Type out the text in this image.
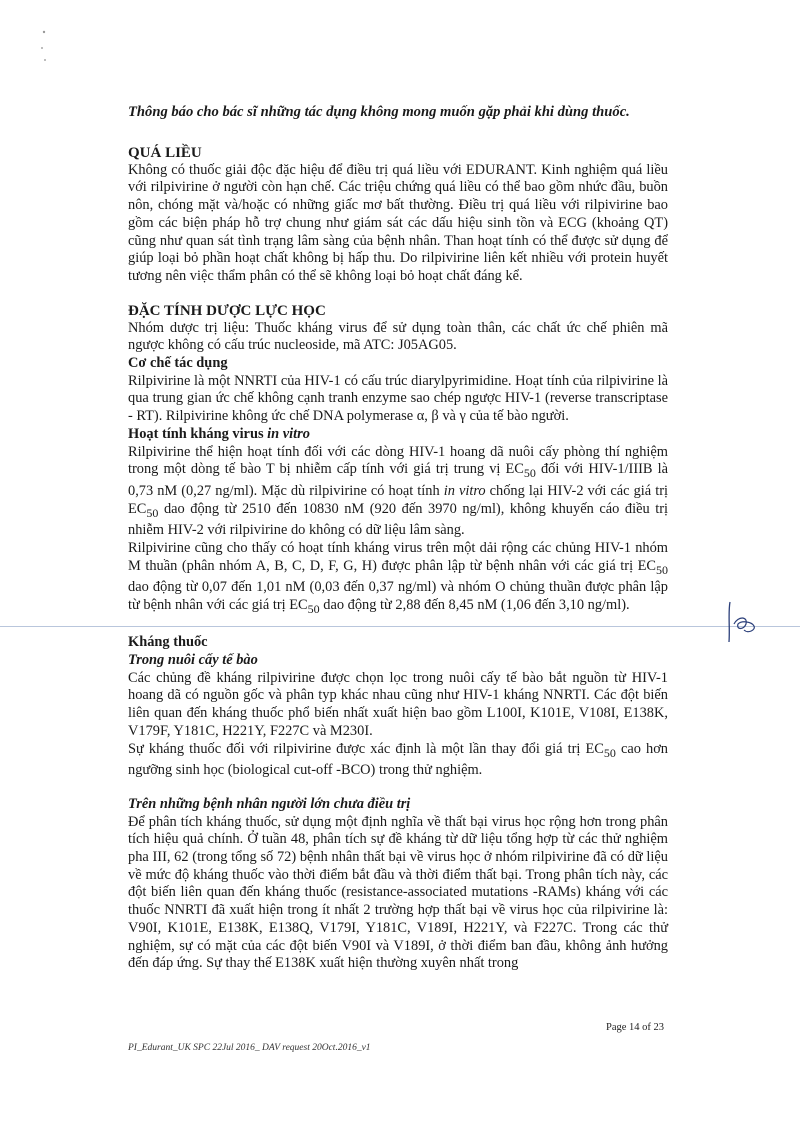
Thông báo cho bác sĩ những tác dụng không mong muốn gặp phải khi dùng thuốc.

QUÁ LIỀU

Không có thuốc giải độc đặc hiệu để điều trị quá liều với EDURANT. Kinh nghiệm quá liều với rilpivirine ở người còn hạn chế. Các triệu chứng quá liều có thể bao gồm nhức đầu, buồn nôn, chóng mặt và/hoặc có những giấc mơ bất thường. Điều trị quá liều với rilpivirine bao gồm các biện pháp hỗ trợ chung như giám sát các dấu hiệu sinh tồn và ECG (khoảng QT) cũng như quan sát tình trạng lâm sàng của bệnh nhân. Than hoạt tính có thể được sử dụng để giúp loại bỏ phần hoạt chất không bị hấp thu. Do rilpivirine liên kết nhiều với protein huyết tương nên việc thẩm phân có thể sẽ không loại bỏ hoạt chất đáng kể.

ĐẶC TÍNH DƯỢC LỰC HỌC

Nhóm dược trị liệu: Thuốc kháng virus để sử dụng toàn thân, các chất ức chế phiên mã ngược không có cấu trúc nucleoside, mã ATC: J05AG05.

Cơ chế tác dụng

Rilpivirine là một NNRTI của HIV-1 có cấu trúc diarylpyrimidine. Hoạt tính của rilpivirine là qua trung gian ức chế không cạnh tranh enzyme sao chép ngược HIV-1 (reverse transcriptase - RT). Rilpivirine không ức chế DNA polymerase α, β và γ của tế bào người.

Hoạt tính kháng virus in vitro

Rilpivirine thể hiện hoạt tính đối với các dòng HIV-1 hoang dã nuôi cấy phòng thí nghiệm trong một dòng tế bào T bị nhiễm cấp tính với giá trị trung vị $EC_{50}$ đối với HIV-1/IIIB là 0,73 nM (0,27 ng/ml). Mặc dù rilpivirine có hoạt tính in vitro chống lại HIV-2 với các giá trị $EC_{50}$ dao động từ 2510 đến 10830 nM (920 đến 3970 ng/ml), không khuyến cáo điều trị nhiễm HIV-2 với rilpivirine do không có dữ liệu lâm sàng.

Rilpivirine cũng cho thấy có hoạt tính kháng virus trên một dải rộng các chủng HIV-1 nhóm M thuần (phân nhóm A, B, C, D, F, G, H) được phân lập từ bệnh nhân với các giá trị $EC_{50}$ dao động từ 0,07 đến 1,01 nM (0,03 đến 0,37 ng/ml) và nhóm O chủng thuần được phân lập từ bệnh nhân với các giá trị $EC_{50}$ dao động từ 2,88 đến 8,45 nM (1,06 đến 3,10 ng/ml).

Kháng thuốc

Trong nuôi cấy tế bào

Các chủng đề kháng rilpivirine được chọn lọc trong nuôi cấy tế bào bắt nguồn từ HIV-1 hoang dã có nguồn gốc và phân typ khác nhau cũng như HIV-1 kháng NNRTI. Các đột biến liên quan đến kháng thuốc phổ biến nhất xuất hiện bao gồm L100I, K101E, V108I, E138K, V179F, Y181C, H221Y, F227C và M230I.

Sự kháng thuốc đối với rilpivirine được xác định là một lần thay đổi giá trị $EC_{50}$ cao hơn ngưỡng sinh học (biological cut-off -BCO) trong thử nghiệm.

Trên những bệnh nhân người lớn chưa điều trị

Để phân tích kháng thuốc, sử dụng một định nghĩa về thất bại virus học rộng hơn trong phân tích hiệu quả chính. Ở tuần 48, phân tích sự đề kháng từ dữ liệu tổng hợp từ các thử nghiệm pha III, 62 (trong tổng số 72) bệnh nhân thất bại về virus học ở nhóm rilpivirine đã có dữ liệu về mức độ kháng thuốc vào thời điểm bắt đầu và thời điểm thất bại. Trong phân tích này, các đột biến liên quan đến kháng thuốc (resistance-associated mutations -RAMs) kháng với các thuốc NNRTI đã xuất hiện trong ít nhất 2 trường hợp thất bại về virus học của rilpivirine là: V90I, K101E, E138K, E138Q, V179I, Y181C, V189I, H221Y, và F227C. Trong các thử nghiệm, sự có mặt của các đột biến V90I và V189I, ở thời điểm ban đầu, không ảnh hưởng đến đáp ứng. Sự thay thế E138K xuất hiện thường xuyên nhất trong

PI_Edurant_UK SPC 22Jul 2016_ DAV request 20Oct.2016_v1
Page 14 of 23
